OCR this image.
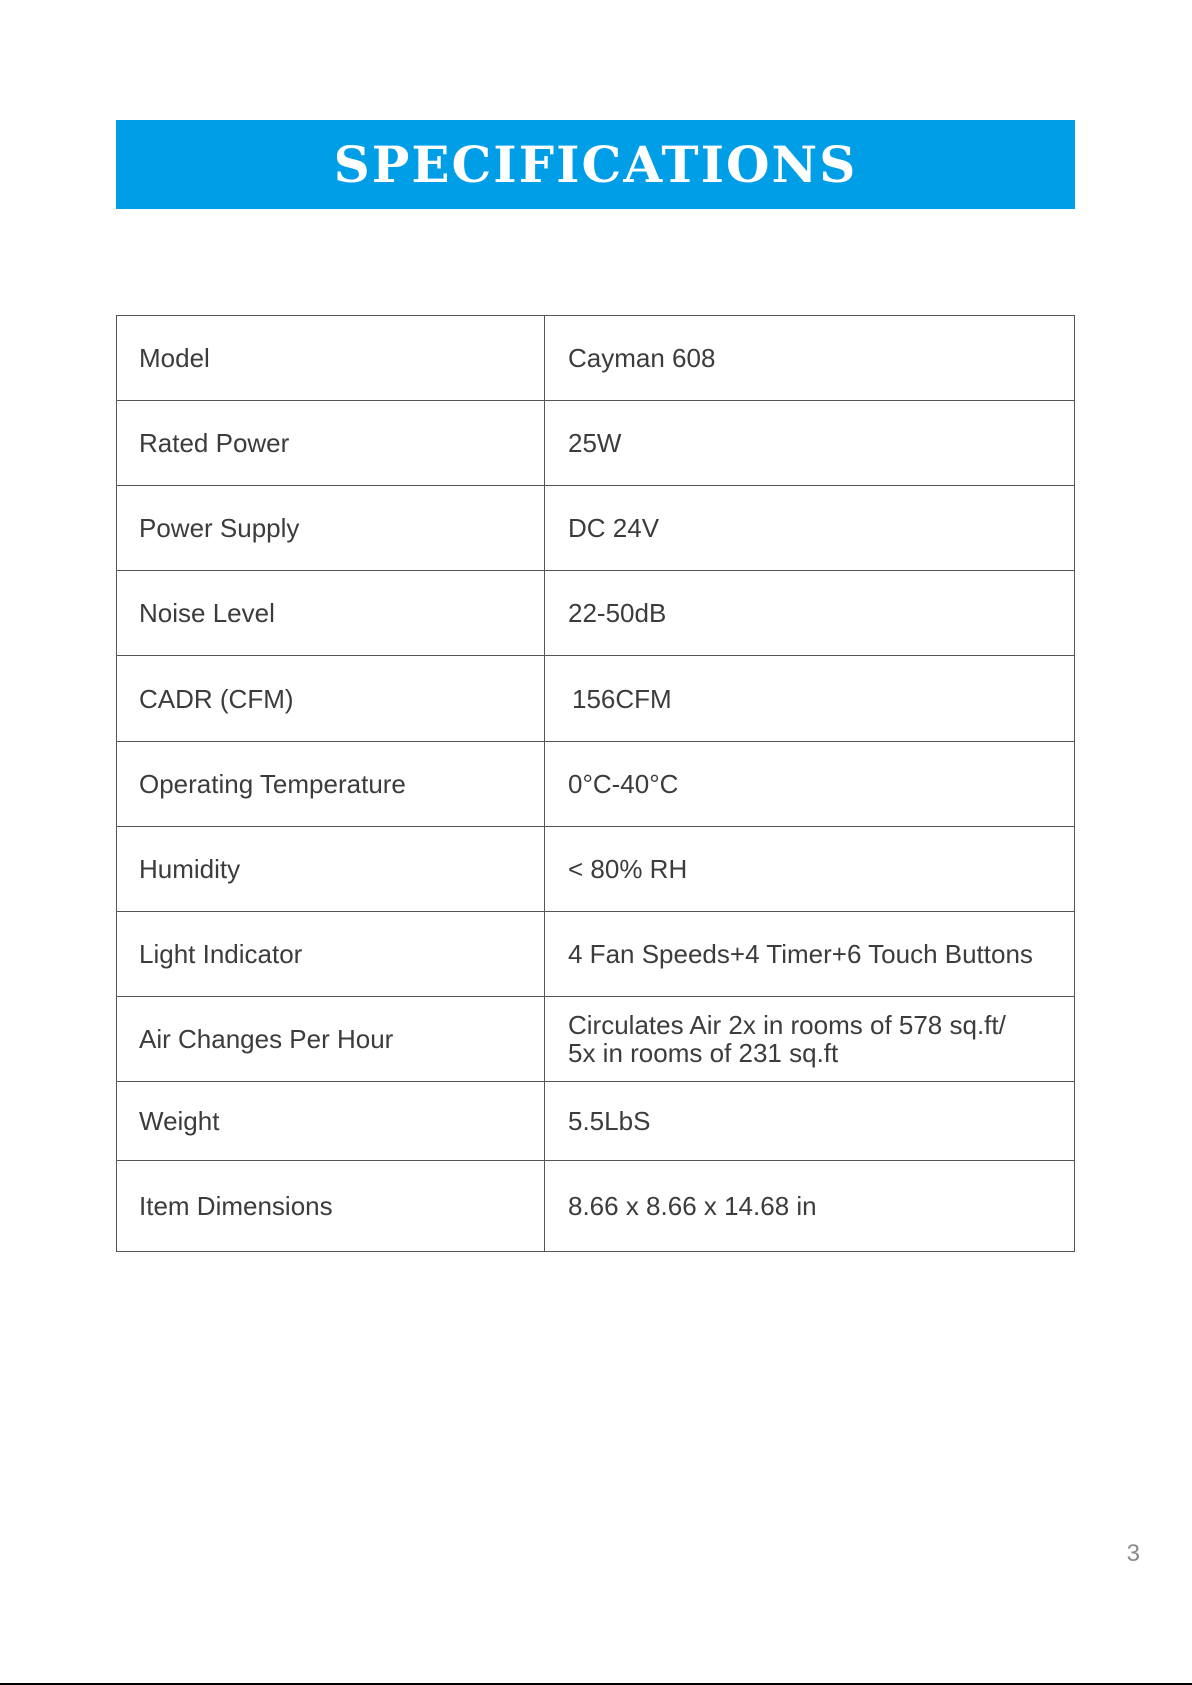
SPECIFICATIONS
Model	Cayman 608
Rated Power	25W
Power Supply	DC 24V
Noise Level	22-50dB
CADR (CFM)	156CFM
Operating Temperature	0°C-40°C
Humidity	< 80% RH
Light Indicator	4 Fan Speeds+4 Timer+6 Touch Buttons
Air Changes Per Hour	Circulates Air 2x in rooms of 578 sq.ft/
5x in rooms of 231 sq.ft

Weight	5.5LbS
Item Dimensions	8.66 x 8.66 x 14.68 in
3
